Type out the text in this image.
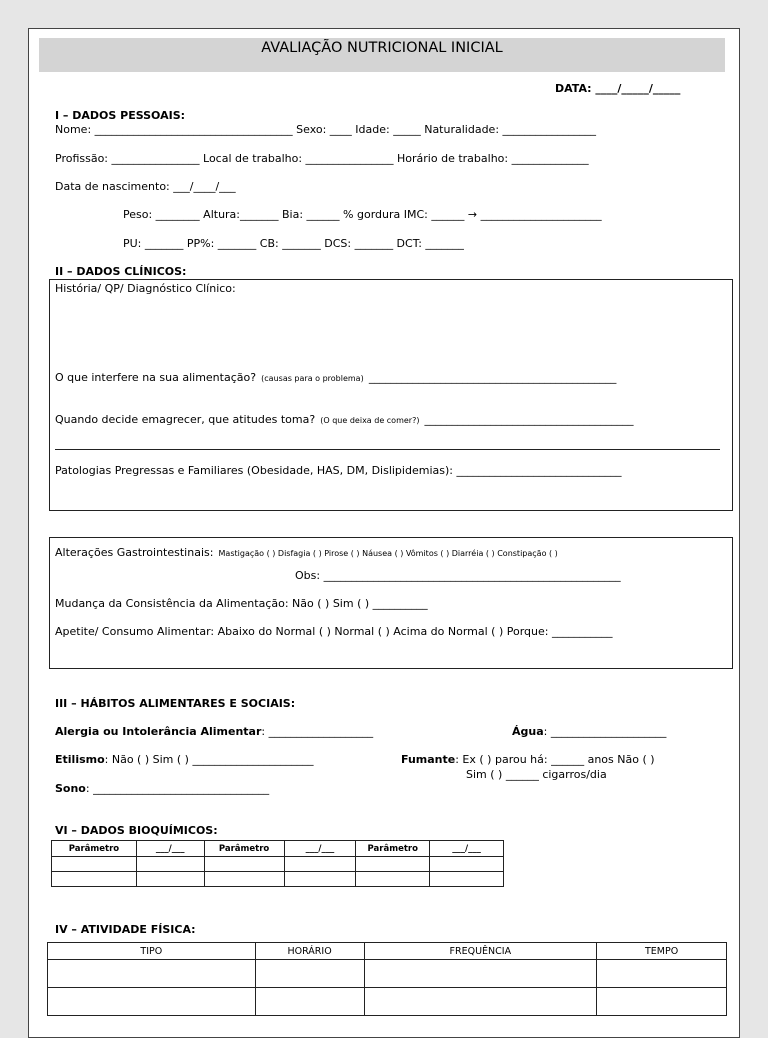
AVALIAÇÃO NUTRICIONAL INICIAL
DATA: ____/_____/_____
I – DADOS PESSOAIS:
Nome: ____________________________________ Sexo: ____ Idade: _____ Naturalidade: _________________
Profissão: ________________ Local de trabalho: ________________ Horário de trabalho: ______________
Data de nascimento: ___/____/___
Peso: ________ Altura:_______ Bia: ______ % gordura IMC: ______ → ______________________
PU: _______ PP%: _______ CB: _______ DCS: _______ DCT: _______
II – DADOS CLÍNICOS:
História/ QP/ Diagnóstico Clínico:
O que interfere na sua alimentação? (causas para o problema) _____________________________________________
Quando decide emagrecer, que atitudes toma? (O que deixa de comer?) ______________________________________
Patologias Pregressas e Familiares (Obesidade, HAS, DM, Dislipidemias): ______________________________
Alterações Gastrointestinais: Mastigação ( ) Disfagia ( ) Pirose ( ) Náusea ( ) Vômitos ( ) Diarréia ( ) Constipação ( )
Obs: ______________________________________________________
Mudança da Consistência da Alimentação: Não ( ) Sim ( ) __________
Apetite/ Consumo Alimentar: Abaixo do Normal ( ) Normal ( ) Acima do Normal ( ) Porque: ___________
III – HÁBITOS ALIMENTARES E SOCIAIS:
Alergia ou Intolerância Alimentar: ___________________	Água: _____________________
Etilismo: Não ( ) Sim ( ) ______________________	Fumante: Ex ( ) parou há: ______ anos Não ( )
Sim ( ) ______ cigarros/dia
Sono: ________________________________
VI – DADOS BIOQUÍMICOS:
Parâmetro	___/___	Parâmetro	___/___	Parâmetro	___/___

IV – ATIVIDADE FÍSICA:
TIPO	HORÁRIO	FREQUÊNCIA	TEMPO
